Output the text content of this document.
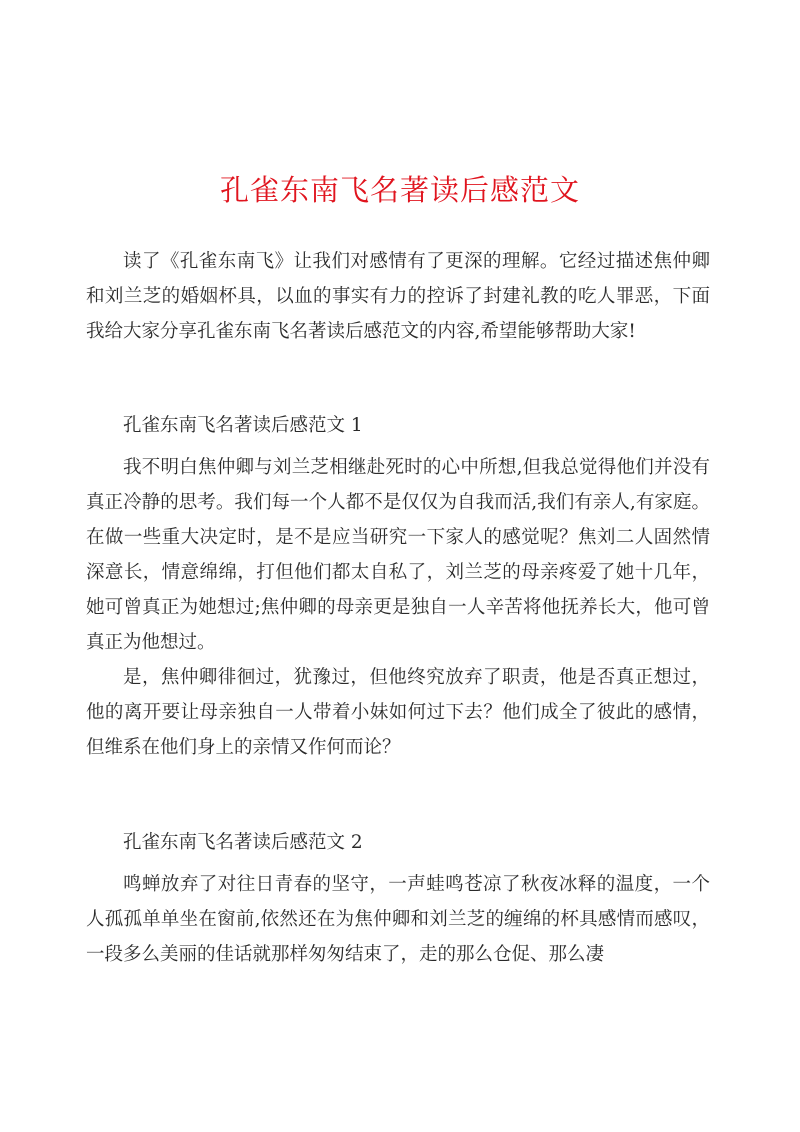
孔雀东南飞名著读后感范文

读了《孔雀东南飞》让我们对感情有了更深的理解。它经过描述焦仲卿和刘兰芝的婚姻杯具，以血的事实有力的控诉了封建礼教的吃人罪恶，下面我给大家分享孔雀东南飞名著读后感范文的内容,希望能够帮助大家!

孔雀东南飞名著读后感范文 1

我不明白焦仲卿与刘兰芝相继赴死时的心中所想,但我总觉得他们并没有真正冷静的思考。我们每一个人都不是仅仅为自我而活,我们有亲人,有家庭。在做一些重大决定时，是不是应当研究一下家人的感觉呢？焦刘二人固然情深意长，情意绵绵，打但他们都太自私了，刘兰芝的母亲疼爱了她十几年，她可曾真正为她想过;焦仲卿的母亲更是独自一人辛苦将他抚养长大，他可曾真正为他想过。

是，焦仲卿徘徊过，犹豫过，但他终究放弃了职责，他是否真正想过，他的离开要让母亲独自一人带着小妹如何过下去？他们成全了彼此的感情，但维系在他们身上的亲情又作何而论？

孔雀东南飞名著读后感范文 2

鸣蝉放弃了对往日青春的坚守，一声蛙鸣苍凉了秋夜冰释的温度，一个人孤孤单单坐在窗前,依然还在为焦仲卿和刘兰芝的缠绵的杯具感情而感叹，一段多么美丽的佳话就那样匆匆结束了，走的那么仓促、那么凄
